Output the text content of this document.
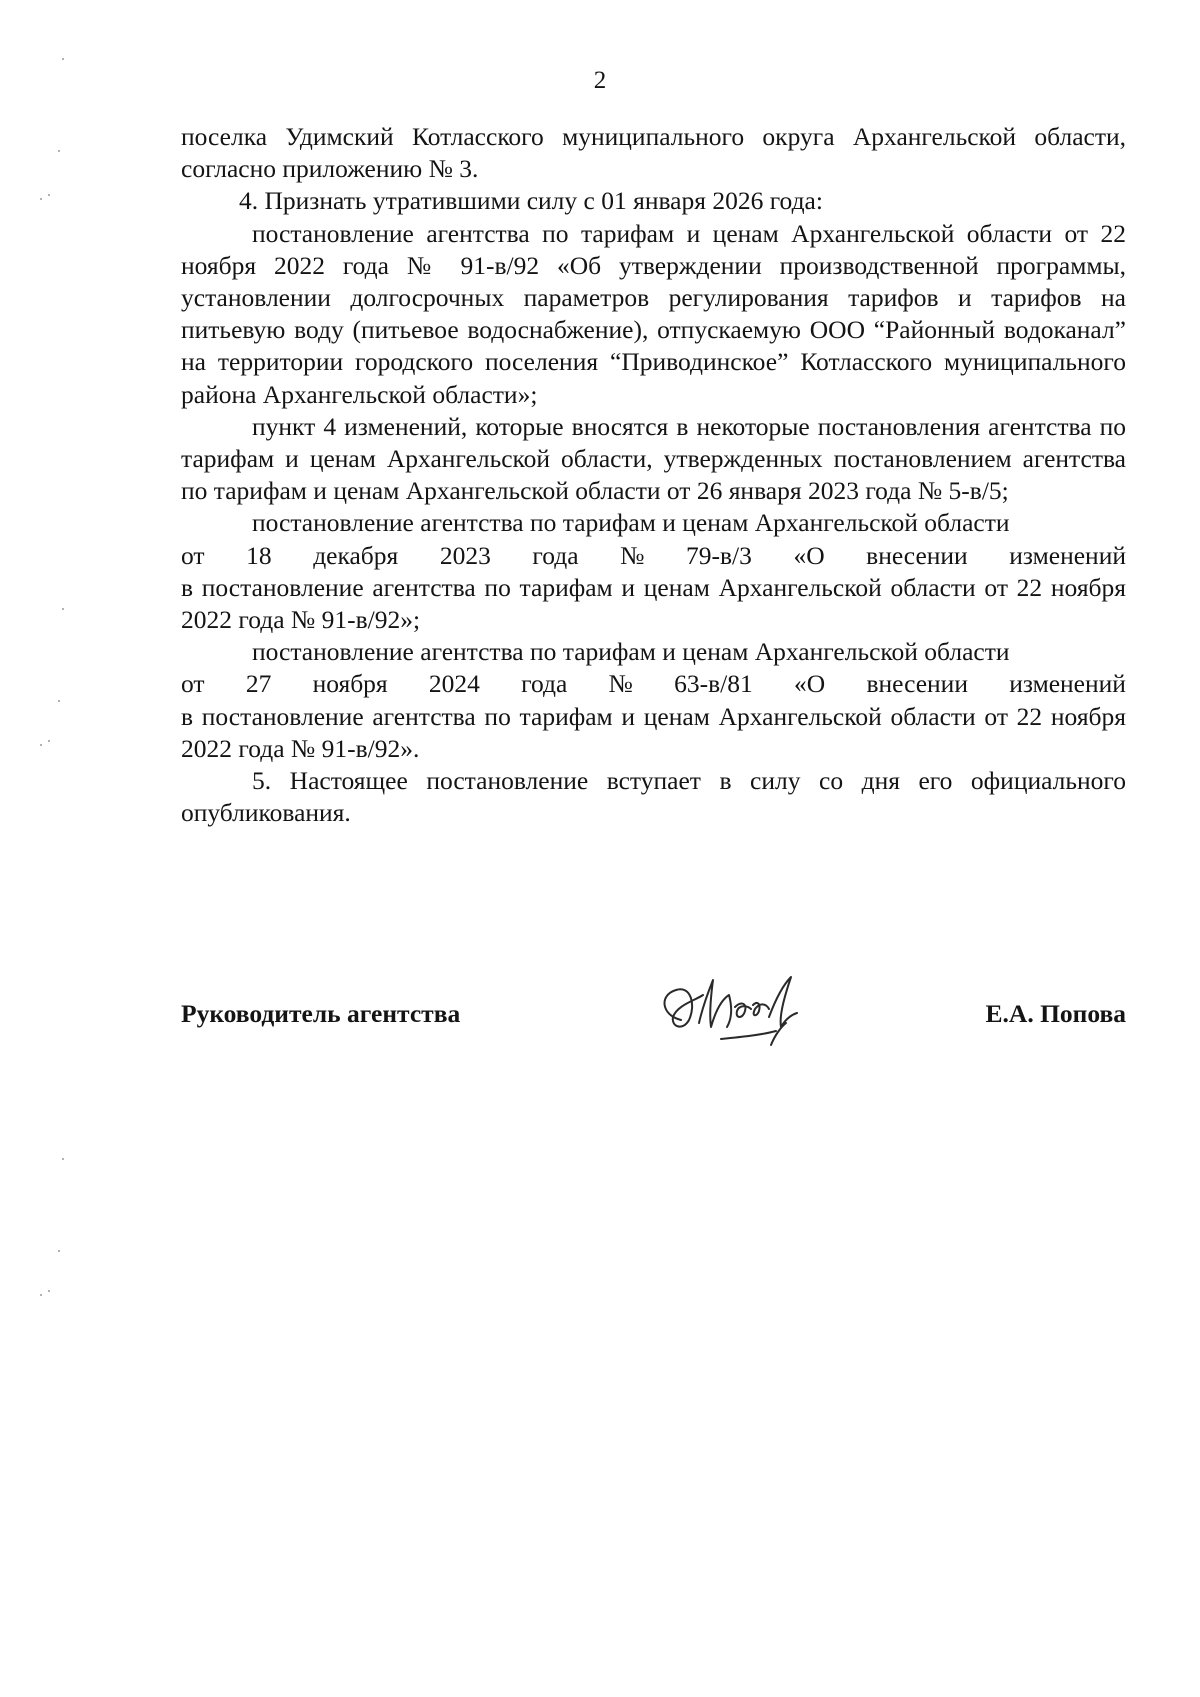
2

поселка Удимский Котласского муниципального округа Архангельской области, согласно приложению № 3.

4. Признать утратившими силу с 01 января 2026 года:

постановление агентства по тарифам и ценам Архангельской области от 22 ноября 2022 года № 91-в/92 «Об утверждении производственной программы, установлении долгосрочных параметров регулирования тарифов и тарифов на питьевую воду (питьевое водоснабжение), отпускаемую ООО “Районный водоканал” на территории городского поселения “Приводинское” Котласского муниципального района Архангельской области»;

пункт 4 изменений, которые вносятся в некоторые постановления агентства по тарифам и ценам Архангельской области, утвержденных постановлением агентства по тарифам и ценам Архангельской области от 26 января 2023 года № 5-в/5;

постановление агентства по тарифам и ценам Архангельской области

от 18 декабря 2023 года № 79-в/3 «О внесении изменений

в постановление агентства по тарифам и ценам Архангельской области от 22 ноября 2022 года № 91-в/92»;

постановление агентства по тарифам и ценам Архангельской области

от 27 ноября 2024 года № 63-в/81 «О внесении изменений

в постановление агентства по тарифам и ценам Архангельской области от 22 ноября 2022 года № 91-в/92».

5. Настоящее постановление вступает в силу со дня его официального опубликования.

Руководитель агентства	Е.А. Попова
